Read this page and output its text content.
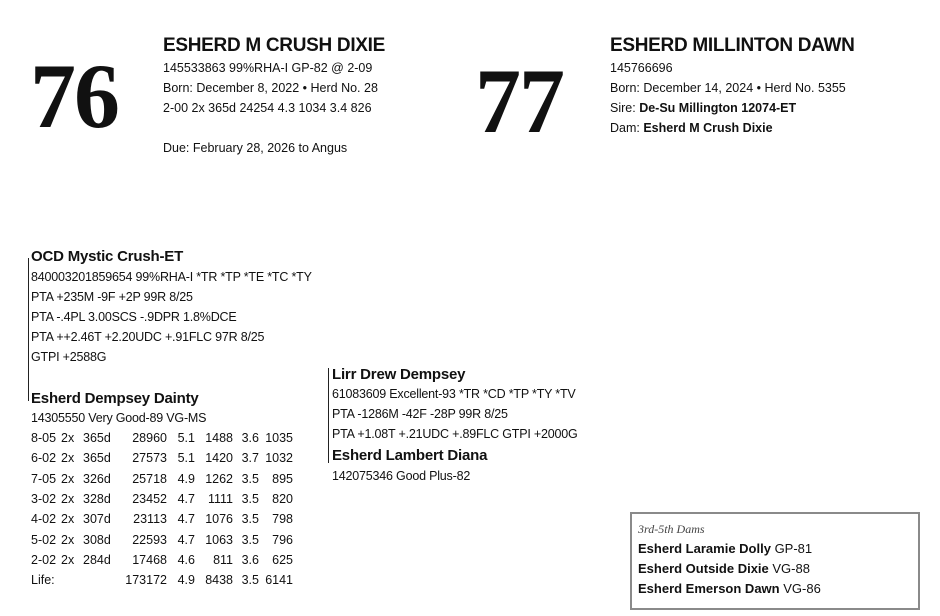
76 ESHERD M CRUSH DIXIE
145533863 99%RHA-I GP-82 @ 2-09
Born: December 8, 2022 • Herd No. 28
2-00 2x 365d 24254 4.3 1034 3.4 826
Due: February 28, 2026 to Angus 77
ESHERD MILLINTON DAWN
145766696
Born: December 14, 2024 • Herd No. 5355
Sire: De-Su Millington 12074-ET
Dam: Esherd M Crush Dixie
OCD Mystic Crush-ET
840003201859654 99%RHA-I *TR *TP *TE *TC *TY
PTA +235M -9F +2P 99R 8/25
PTA -.4PL 3.00SCS -.9DPR 1.8%DCE
PTA ++2.46T +2.20UDC +.91FLC 97R 8/25
GTPI +2588G
Esherd Dempsey Dainty
14305550 Very Good-89 VG-MS
8-05 2x 365d 28960 5.1 1488 3.6 1035
6-02 2x 365d 27573 5.1 1420 3.7 1032
7-05 2x 326d 25718 4.9 1262 3.5 895
3-02 2x 328d 23452 4.7 1111 3.5 820
4-02 2x 307d 23113 4.7 1076 3.5 798
5-02 2x 308d 22593 4.7 1063 3.5 796
2-02 2x 284d 17468 4.6 811 3.6 625
Life:	173172 4.9 8438 3.5 6141
Lirr Drew Dempsey
61083609 Excellent-93 *TR *CD *TP *TY *TV
PTA -1286M -42F -28P 99R 8/25
PTA +1.08T +.21UDC +.89FLC GTPI +2000G
Esherd Lambert Diana
142075346 Good Plus-82
3rd-5th Dams
Esherd Laramie Dolly GP-81
Esherd Outside Dixie VG-88
Esherd Emerson Dawn VG-86
